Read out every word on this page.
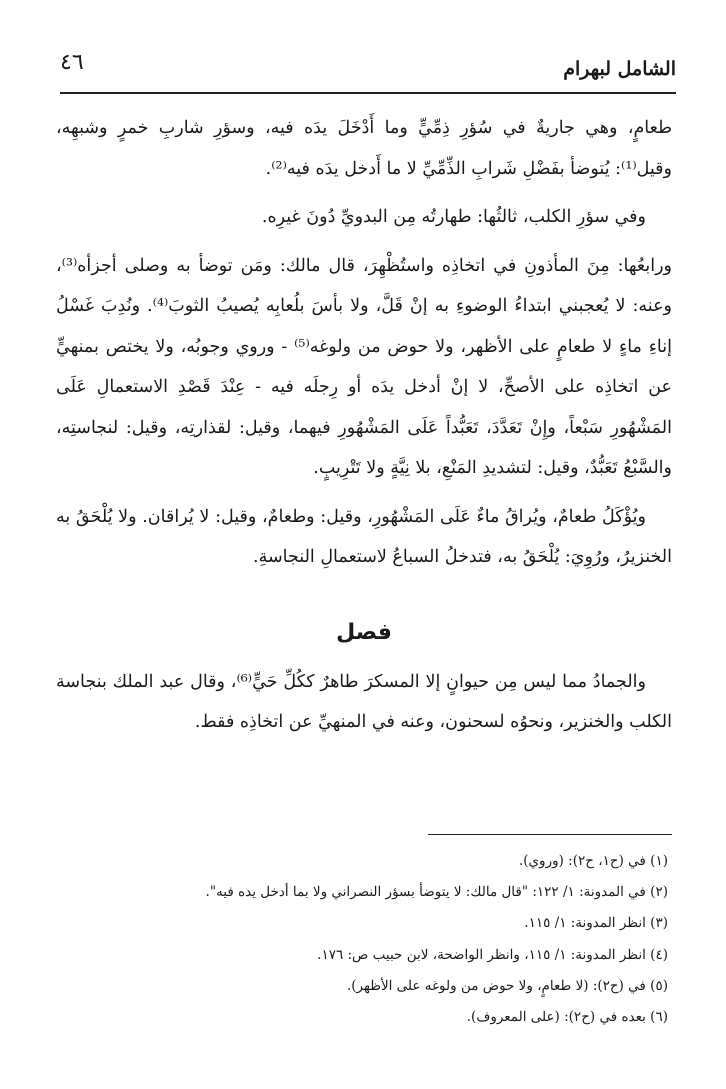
الشامل لبهرام
٤٦

طعامٍ، وهي جاريةٌ في سُؤرِ ذِمِّيٍّ وما أَدْخَلَ يدَه فيه، وسؤرِ شاربِ خمرٍ وشبهِه، وقيل⁽¹⁾: يُتوضأ بفَضْلِ شَرابِ الذِّمِّيِّ لا ما أَدخل يدَه فيه⁽²⁾.

وفي سؤرِ الكلب، ثالثُها: طهارتُه مِن البدويِّ دُونَ غيرِه.

ورابعُها: مِنَ المأذونِ في اتخاذِه واستُظْهِرَ، قال مالك: ومَن توضأ به وصلى أجزأه⁽³⁾، وعنه: لا يُعجبني ابتداءُ الوضوءِ به إنْ قَلَّ، ولا بأسَ بلُعابِه يُصيبُ الثوبَ⁽⁴⁾. ونُدِبَ غَسْلُ إناءِ ماءٍ لا طعامٍ على الأظهر، ولا حوض من ولوغه⁽⁵⁾ - وروي وجوبُه، ولا يختص بمنهيٍّ عن اتخاذِه على الأصحِّ، لا إنْ أدخل يدَه أو رِجلَه فيه - عِنْدَ قَصْدِ الاستعمالِ عَلَى المَشْهُورِ سَبْعاً، وإِنْ تَعَدَّدَ، تَعَبُّداً عَلَى المَشْهُورِ فيهما، وقيل: لقذارتِه، وقيل: لنجاستِه، والسَّبْعُ تَعَبُّدٌ، وقيل: لتشديدِ المَنْعِ، بلا نِيَّةٍ ولا تَتْرِيبٍ.

ويُؤْكَلُ طعامٌ، ويُراقُ ماءٌ عَلَى المَشْهُورِ، وقيل: وطعامٌ، وقيل: لا يُراقان. ولا يُلْحَقُ به الخنزيرُ، ورُوِيَ: يُلْحَقُ به، فتدخلُ السباعُ لاستعمالِ النجاسةِ.

فصل

والجمادُ مما ليس مِن حيوانٍ إلا المسكرَ طاهرٌ ككُلِّ حَيٍّ⁽⁶⁾، وقال عبد الملك بنجاسة الكلب والخنزير، ونحوُه لسحنون، وعنه في المنهيِّ عن اتخاذِه فقط.

(١) في (ح١، ح٢): (وروي).

(٢) في المدونة: ١/ ١٢٢: "قال مالك: لا يتوضأ بسؤر النصراني ولا بما أدخل يده فيه".

(٣) انظر المدونة: ١/ ١١٥.

(٤) انظر المدونة: ١/ ١١٥، وانظر الواضحة، لابن حبيب ص: ١٧٦.

(٥) في (ح٢): (لا طعامٍ، ولا حوض من ولوغه على الأظهر).

(٦) بعده في (ح٢): (على المعروف).
